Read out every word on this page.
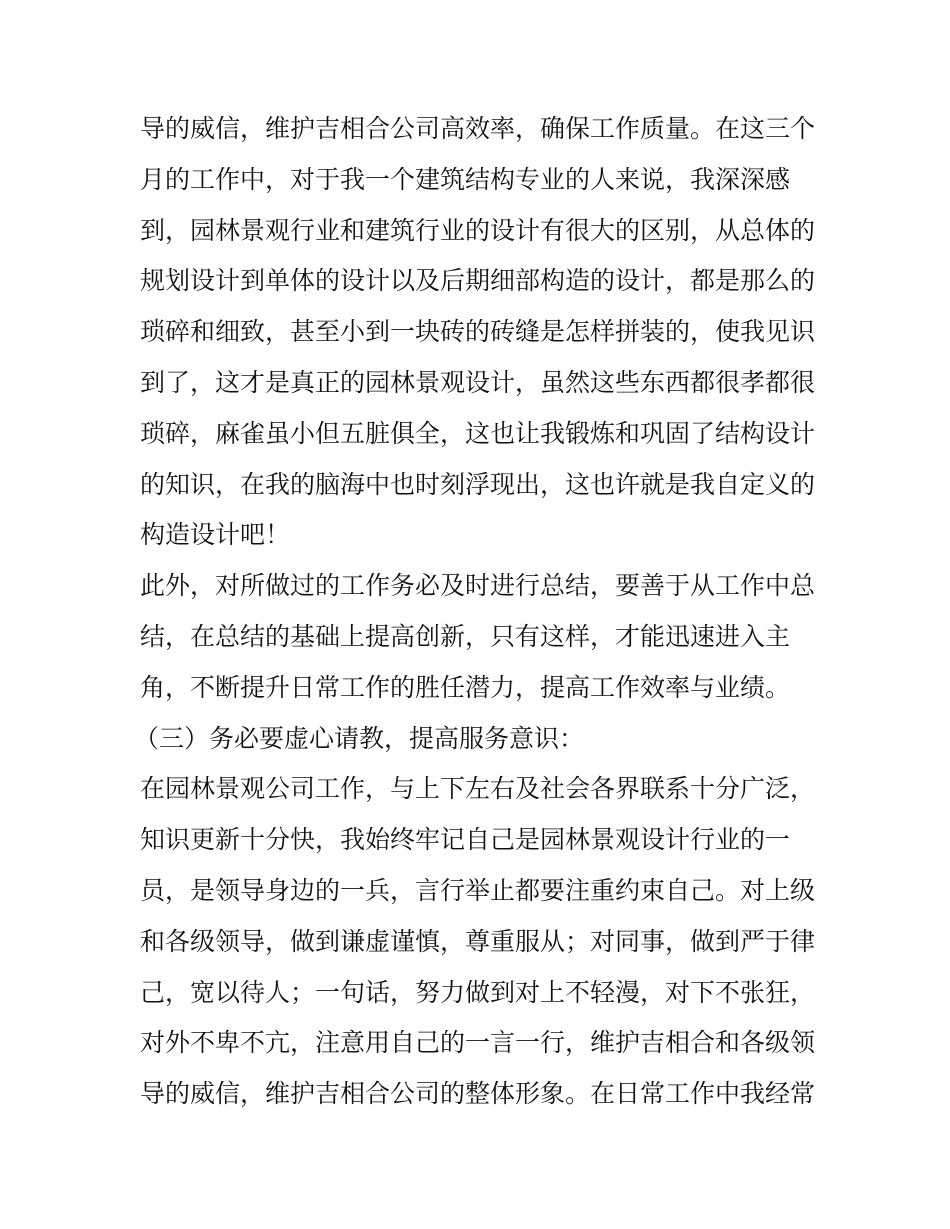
导的威信，维护吉相合公司高效率，确保工作质量。在这三个
月的工作中，对于我一个建筑结构专业的人来说，我深深感
到，园林景观行业和建筑行业的设计有很大的区别，从总体的
规划设计到单体的设计以及后期细部构造的设计，都是那么的
琐碎和细致，甚至小到一块砖的砖缝是怎样拼装的，使我见识
到了，这才是真正的园林景观设计，虽然这些东西都很孝都很
琐碎，麻雀虽小但五脏俱全，这也让我锻炼和巩固了结构设计
的知识，在我的脑海中也时刻浮现出，这也许就是我自定义的
构造设计吧！
此外，对所做过的工作务必及时进行总结，要善于从工作中总
结，在总结的基础上提高创新，只有这样，才能迅速进入主
角，不断提升日常工作的胜任潜力，提高工作效率与业绩。
（三）务必要虚心请教，提高服务意识：
在园林景观公司工作，与上下左右及社会各界联系十分广泛，
知识更新十分快，我始终牢记自己是园林景观设计行业的一
员，是领导身边的一兵，言行举止都要注重约束自己。对上级
和各级领导，做到谦虚谨慎，尊重服从；对同事，做到严于律
己，宽以待人；一句话，努力做到对上不轻漫，对下不张狂，
对外不卑不亢，注意用自己的一言一行，维护吉相合和各级领
导的威信，维护吉相合公司的整体形象。在日常工作中我经常
